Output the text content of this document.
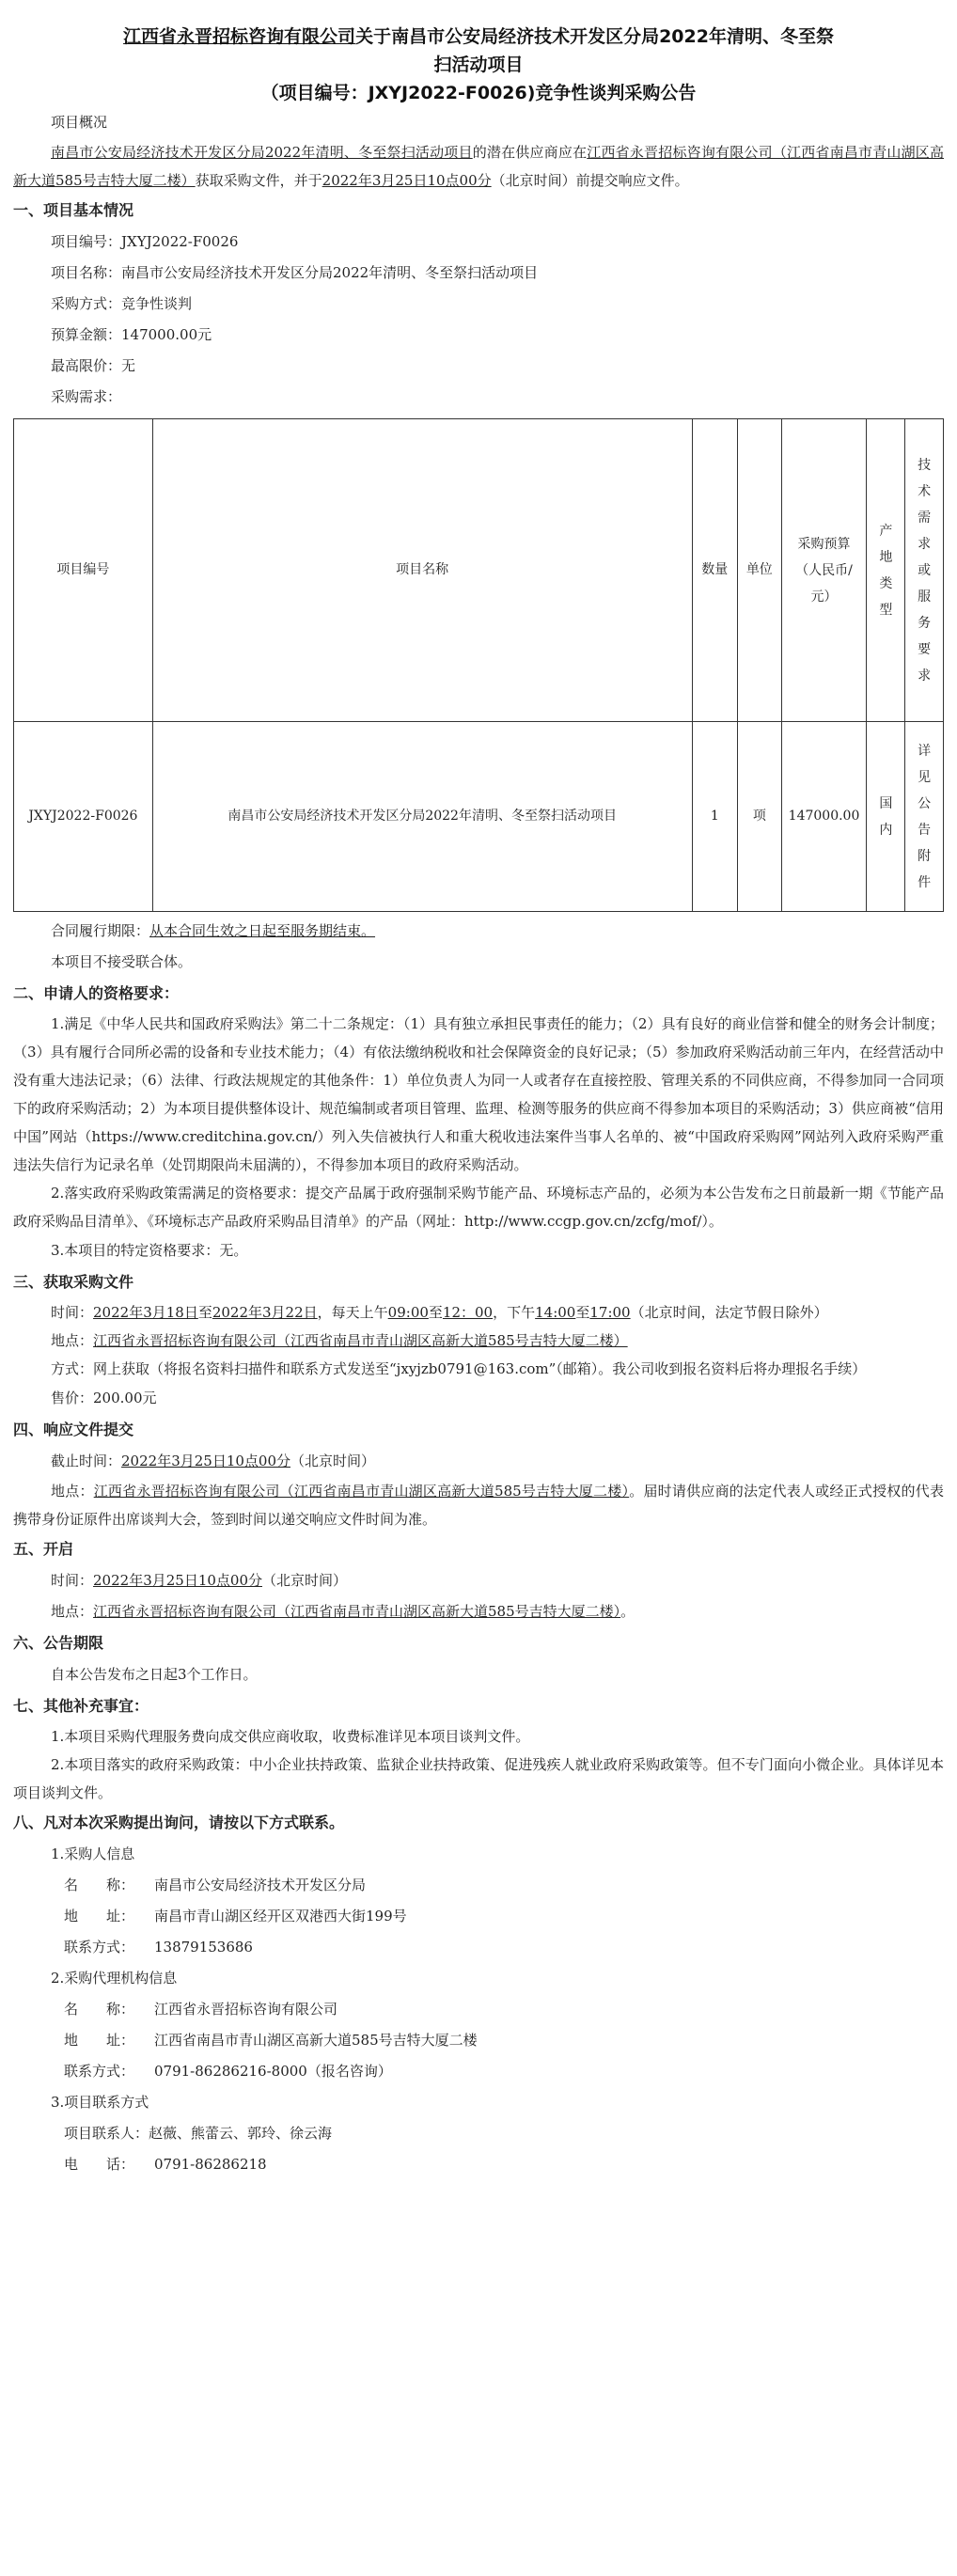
江西省永晋招标咨询有限公司关于南昌市公安局经济技术开发区分局2022年清明、冬至祭
扫活动项目
（项目编号：JXYJ2022-F0026)竞争性谈判采购公告
项目概况
南昌市公安局经济技术开发区分局2022年清明、冬至祭扫活动项目的潜在供应商应在江西省永晋招标咨询有限公司（江西省南昌市青山湖区高新大道585号吉特大厦二楼）获取采购文件，并于2022年3月25日10点00分（北京时间）前提交响应文件。
一、项目基本情况
项目编号：JXYJ2022-F0026
项目名称：南昌市公安局经济技术开发区分局2022年清明、冬至祭扫活动项目
采购方式：竞争性谈判
预算金额：147000.00元
最高限价：无
采购需求：
项目编号	项目名称	数量	单位	采购预算（人民币/元）	产地类型	技术需求或服务要求

JXYJ2022-F0026	南昌市公安局经济技术开发区分局2022年清明、冬至祭扫活动项目	1	项	147000.00	国内	详见公告附件
合同履行期限：从本合同生效之日起至服务期结束。
本项目不接受联合体。
二、申请人的资格要求：
1.满足《中华人民共和国政府采购法》第二十二条规定：（1）具有独立承担民事责任的能力；（2）具有良好的商业信誉和健全的财务会计制度；（3）具有履行合同所必需的设备和专业技术能力；（4）有依法缴纳税收和社会保障资金的良好记录；（5）参加政府采购活动前三年内，在经营活动中没有重大违法记录；（6）法律、行政法规规定的其他条件：1）单位负责人为同一人或者存在直接控股、管理关系的不同供应商，不得参加同一合同项下的政府采购活动；2）为本项目提供整体设计、规范编制或者项目管理、监理、检测等服务的供应商不得参加本项目的采购活动；3）供应商被“信用中国”网站（https://www.creditchina.gov.cn/）列入失信被执行人和重大税收违法案件当事人名单的、被“中国政府采购网”网站列入政府采购严重违法失信行为记录名单（处罚期限尚未届满的），不得参加本项目的政府采购活动。
2.落实政府采购政策需满足的资格要求：提交产品属于政府强制采购节能产品、环境标志产品的，必须为本公告发布之日前最新一期《节能产品政府采购品目清单》、《环境标志产品政府采购品目清单》的产品（网址：http://www.ccgp.gov.cn/zcfg/mof/）。
3.本项目的特定资格要求：无。
三、获取采购文件
时间：2022年3月18日至2022年3月22日，每天上午09:00至12：00，下午14:00至17:00（北京时间，法定节假日除外）
地点：江西省永晋招标咨询有限公司（江西省南昌市青山湖区高新大道585号吉特大厦二楼）
方式：网上获取（将报名资料扫描件和联系方式发送至“jxyjzb0791@163.com”（邮箱）。我公司收到报名资料后将办理报名手续）
售价：200.00元
四、响应文件提交
截止时间：2022年3月25日10点00分（北京时间）
地点：江西省永晋招标咨询有限公司（江西省南昌市青山湖区高新大道585号吉特大厦二楼）。届时请供应商的法定代表人或经正式授权的代表携带身份证原件出席谈判大会，签到时间以递交响应文件时间为准。
五、开启
时间：2022年3月25日10点00分（北京时间）
地点：江西省永晋招标咨询有限公司（江西省南昌市青山湖区高新大道585号吉特大厦二楼）。
六、公告期限
自本公告发布之日起3个工作日。
七、其他补充事宜：
1.本项目采购代理服务费向成交供应商收取，收费标准详见本项目谈判文件。
2.本项目落实的政府采购政策：中小企业扶持政策、监狱企业扶持政策、促进残疾人就业政府采购政策等。但不专门面向小微企业。具体详见本项目谈判文件。
八、凡对本次采购提出询问，请按以下方式联系。
1.采购人信息
名　　称： 南昌市公安局经济技术开发区分局
地　　址： 南昌市青山湖区经开区双港西大街199号
联系方式： 13879153686
2.采购代理机构信息
名　　称： 江西省永晋招标咨询有限公司
地　　址： 江西省南昌市青山湖区高新大道585号吉特大厦二楼
联系方式： 0791-86286216-8000（报名咨询）
3.项目联系方式
项目联系人：赵薇、熊蕾云、郭玲、徐云海
电　　话： 0791-86286218
